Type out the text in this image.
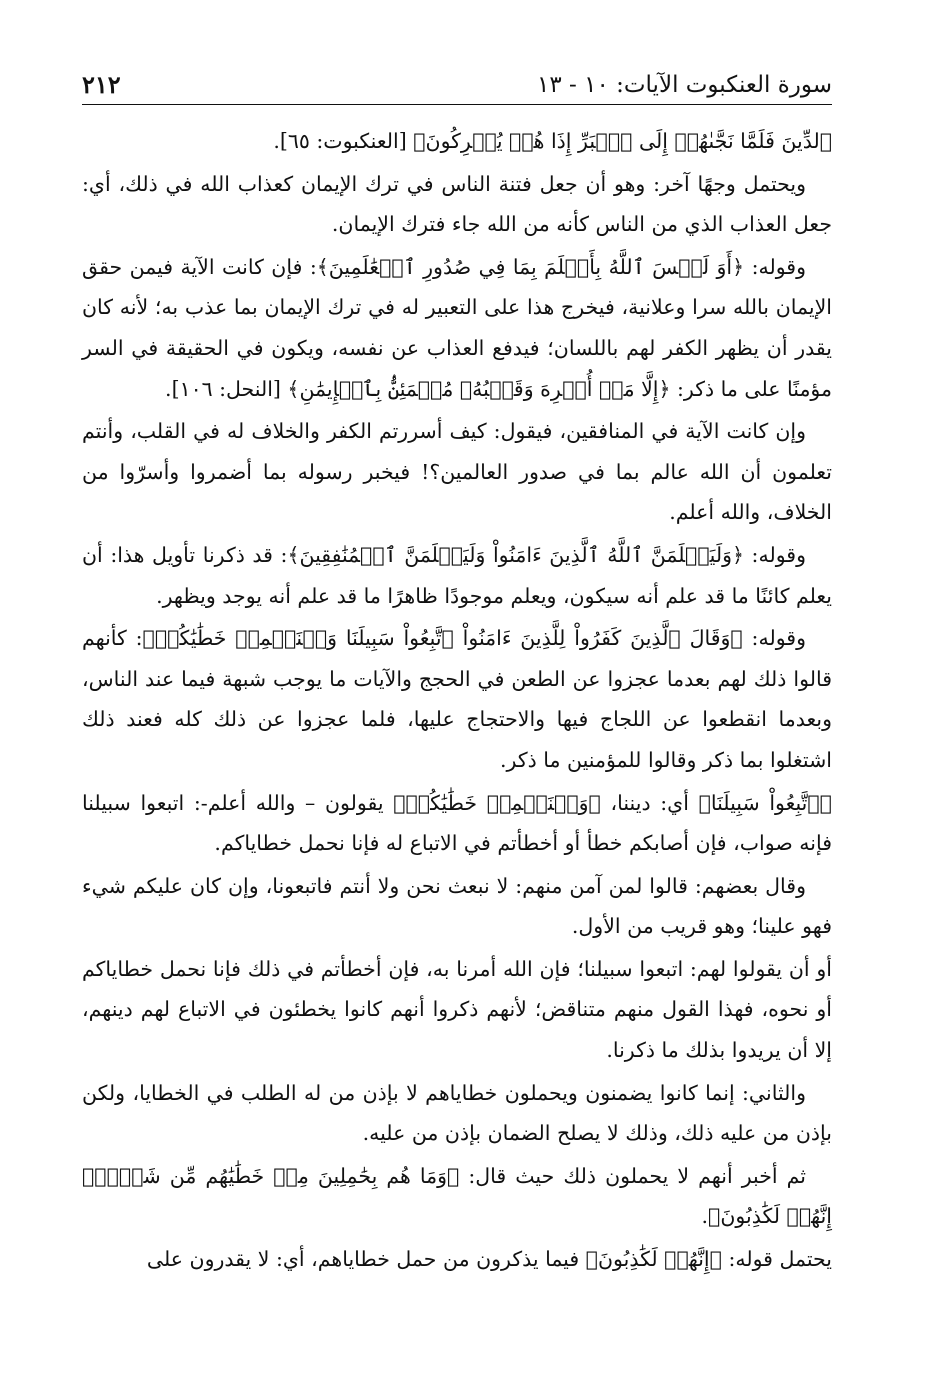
سورة العنكبوت الآيات: ١٠ - ١٣
٢١٢

ٱلدِّينَ فَلَمَّا نَجَّىٰهُمۡ إِلَى ٱلۡبَرِّ إِذَا هُمۡ يُشۡرِكُونَ﴾ [العنكبوت: ٦٥].

ويحتمل وجهًا آخر: وهو أن جعل فتنة الناس في ترك الإيمان كعذاب الله في ذلك، أي: جعل العذاب الذي من الناس كأنه من الله جاء فترك الإيمان.

وقوله: ﴿أَوَ لَيۡسَ ٱللَّهُ بِأَعۡلَمَ بِمَا فِي صُدُورِ ٱلۡعَٰلَمِينَ﴾: فإن كانت الآية فيمن حقق الإيمان بالله سرا وعلانية، فيخرج هذا على التعبير له في ترك الإيمان بما عذب به؛ لأنه كان يقدر أن يظهر الكفر لهم باللسان؛ فيدفع العذاب عن نفسه، ويكون في الحقيقة في السر مؤمنًا على ما ذكر: ﴿إِلَّا مَنۡ أُكۡرِهَ وَقَلۡبُهُۥ مُطۡمَئِنُّۢ بِٱلۡإِيمَٰنِ﴾ [النحل: ١٠٦].

وإن كانت الآية في المنافقين، فيقول: كيف أسررتم الكفر والخلاف له في القلب، وأنتم تعلمون أن الله عالم بما في صدور العالمين؟! فيخبر رسوله بما أضمروا وأسرّوا من الخلاف، والله أعلم.

وقوله: ﴿وَلَيَعۡلَمَنَّ ٱللَّهُ ٱلَّذِينَ ءَامَنُواْ وَلَيَعۡلَمَنَّ ٱلۡمُنَٰفِقِينَ﴾: قد ذكرنا تأويل هذا: أن يعلم كائنًا ما قد علم أنه سيكون، ويعلم موجودًا ظاهرًا ما قد علم أنه يوجد ويظهر.

وقوله: ﴿وَقَالَ ٱلَّذِينَ كَفَرُواْ لِلَّذِينَ ءَامَنُواْ ٱتَّبِعُواْ سَبِيلَنَا وَلۡنَحۡمِلۡ خَطَٰيَٰكُمۡ﴾: كأنهم قالوا ذلك لهم بعدما عجزوا عن الطعن في الحجج والآيات ما يوجب شبهة فيما عند الناس، وبعدما انقطعوا عن اللجاج فيها والاحتجاج عليها، فلما عجزوا عن ذلك كله فعند ذلك اشتغلوا بما ذكر وقالوا للمؤمنين ما ذكر.

﴿ٱتَّبِعُواْ سَبِيلَنَا﴾ أي: ديننا، ﴿وَلۡنَحۡمِلۡ خَطَٰيَٰكُمۡ﴾ يقولون – والله أعلم-: اتبعوا سبيلنا فإنه صواب، فإن أصابكم خطأ أو أخطأتم في الاتباع له فإنا نحمل خطاياكم.

وقال بعضهم: قالوا لمن آمن منهم: لا نبعث نحن ولا أنتم فاتبعونا، وإن كان عليكم شيء فهو علينا؛ وهو قريب من الأول.

أو أن يقولوا لهم: اتبعوا سبيلنا؛ فإن الله أمرنا به، فإن أخطأتم في ذلك فإنا نحمل خطاياكم أو نحوه، فهذا القول منهم متناقض؛ لأنهم ذكروا أنهم كانوا يخطئون في الاتباع لهم دينهم، إلا أن يريدوا بذلك ما ذكرنا.

والثاني: إنما كانوا يضمنون ويحملون خطاياهم لا بإذن من له الطلب في الخطايا، ولكن بإذن من عليه ذلك، وذلك لا يصلح الضمان بإذن من عليه.

ثم أخبر أنهم لا يحملون ذلك حيث قال: ﴿وَمَا هُم بِحَٰمِلِينَ مِنۡ خَطَٰيَٰهُم مِّن شَيۡءٍۖ إِنَّهُمۡ لَكَٰذِبُونَ﴾.

يحتمل قوله: ﴿إِنَّهُمۡ لَكَٰذِبُونَ﴾ فيما يذكرون من حمل خطاياهم، أي: لا يقدرون على
